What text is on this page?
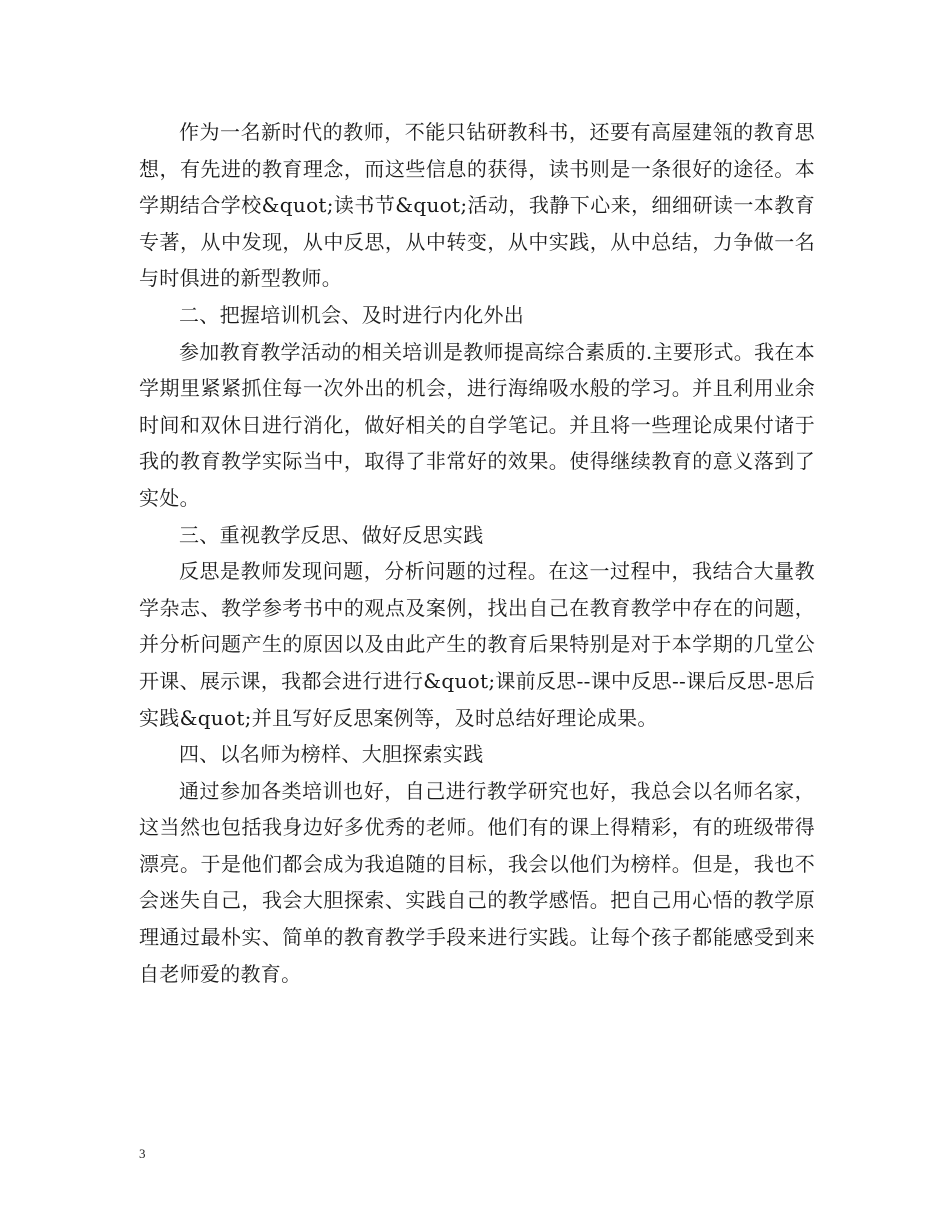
作为一名新时代的教师，不能只钻研教科书，还要有高屋建瓴的教育思想，有先进的教育理念，而这些信息的获得，读书则是一条很好的途径。本学期结合学校&quot;读书节&quot;活动，我静下心来，细细研读一本教育专著，从中发现，从中反思，从中转变，从中实践，从中总结，力争做一名与时俱进的新型教师。

二、把握培训机会、及时进行内化外出

参加教育教学活动的相关培训是教师提高综合素质的.主要形式。我在本学期里紧紧抓住每一次外出的机会，进行海绵吸水般的学习。并且利用业余时间和双休日进行消化，做好相关的自学笔记。并且将一些理论成果付诸于我的教育教学实际当中，取得了非常好的效果。使得继续教育的意义落到了实处。

三、重视教学反思、做好反思实践

反思是教师发现问题，分析问题的过程。在这一过程中，我结合大量教学杂志、教学参考书中的观点及案例，找出自己在教育教学中存在的问题，并分析问题产生的原因以及由此产生的教育后果特别是对于本学期的几堂公开课、展示课，我都会进行进行&quot;课前反思--课中反思--课后反思-思后实践&quot;并且写好反思案例等，及时总结好理论成果。

四、以名师为榜样、大胆探索实践

通过参加各类培训也好，自己进行教学研究也好，我总会以名师名家，这当然也包括我身边好多优秀的老师。他们有的课上得精彩，有的班级带得漂亮。于是他们都会成为我追随的目标，我会以他们为榜样。但是，我也不会迷失自己，我会大胆探索、实践自己的教学感悟。把自己用心悟的教学原理通过最朴实、简单的教育教学手段来进行实践。让每个孩子都能感受到来自老师爱的教育。

3
